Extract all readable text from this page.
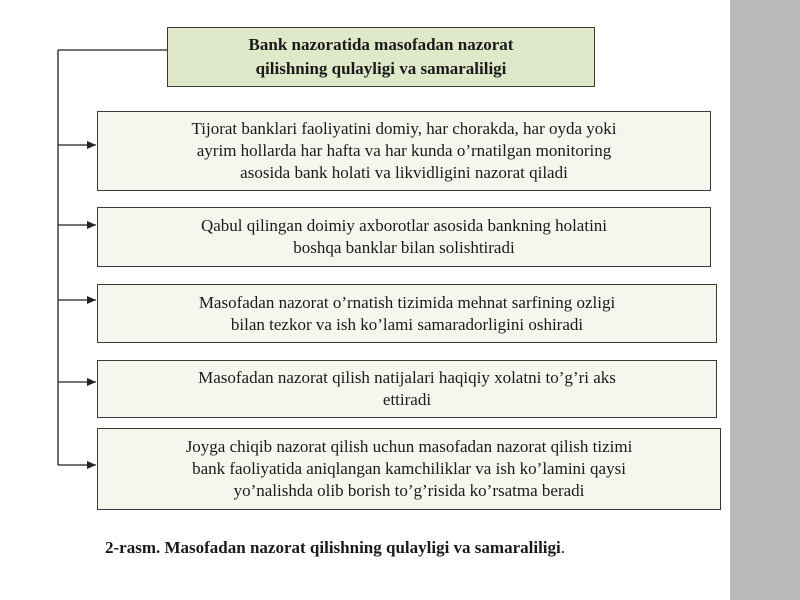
Bank nazoratida masofadan nazorat
qilishning qulayligi va samaraliligi
Tijorat banklari faoliyatini domiy, har chorakda, har oyda yoki
ayrim hollarda har hafta va har kunda o’rnatilgan monitoring
asosida bank holati va likvidligini nazorat qiladi
Qabul qilingan doimiy axborotlar asosida bankning holatini
boshqa banklar bilan solishtiradi
Masofadan nazorat o’rnatish tizimida mehnat sarfining ozligi
bilan tezkor va ish ko’lami samaradorligini oshiradi
Masofadan nazorat qilish natijalari haqiqiy xolatni to’g’ri aks
ettiradi
Joyga chiqib nazorat qilish uchun masofadan nazorat qilish tizimi
bank faoliyatida aniqlangan kamchiliklar va ish ko’lamini qaysi
yo’nalishda olib borish to’g’risida ko’rsatma beradi
2-rasm. Masofadan nazorat qilishning qulayligi va samaraliligi.
